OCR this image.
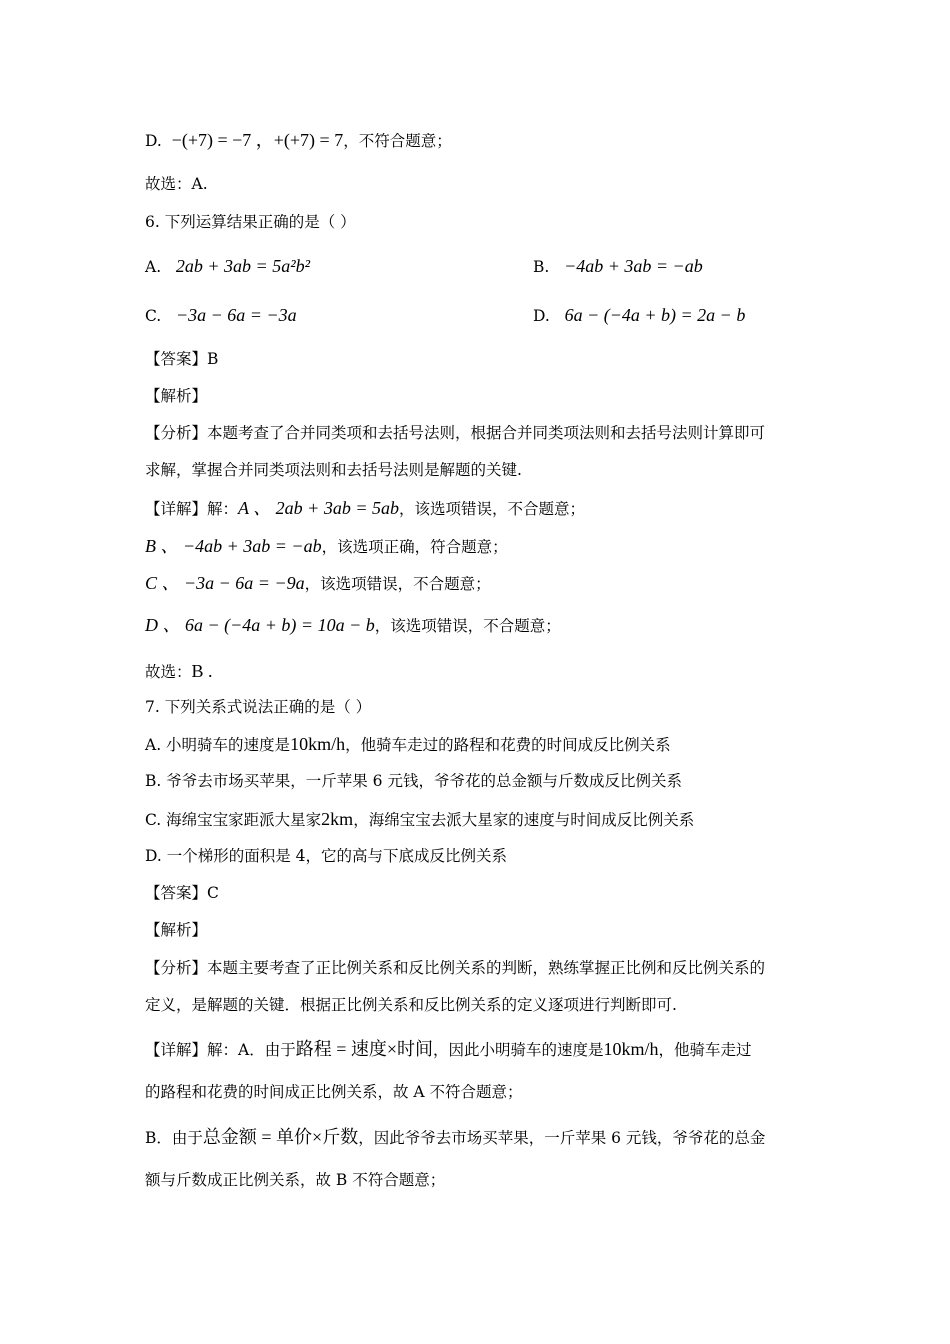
D. −(+7) = −7 ，+(+7) = 7，不符合题意；
故选：A.
6. 下列运算结果正确的是（ ）
A. 2ab + 3ab = 5a²b²	B. −4ab + 3ab = −ab
C. −3a − 6a = −3a	D. 6a − (−4a + b) = 2a − b
【答案】B
【解析】
【分析】本题考查了合并同类项和去括号法则，根据合并同类项法则和去括号法则计算即可
求解，掌握合并同类项法则和去括号法则是解题的关键.
【详解】解：A 、 2ab + 3ab = 5ab，该选项错误，不合题意；
B 、 −4ab + 3ab = −ab，该选项正确，符合题意；
C 、 −3a − 6a = −9a，该选项错误，不合题意；
D 、 6a − (−4a + b) = 10a − b，该选项错误，不合题意；
故选：B .
7. 下列关系式说法正确的是（ ）
A. 小明骑车的速度是10km/h，他骑车走过的路程和花费的时间成反比例关系
B. 爷爷去市场买苹果，一斤苹果 6 元钱，爷爷花的总金额与斤数成反比例关系
C. 海绵宝宝家距派大星家2km，海绵宝宝去派大星家的速度与时间成反比例关系
D. 一个梯形的面积是 4，它的高与下底成反比例关系
【答案】C
【解析】
【分析】本题主要考查了正比例关系和反比例关系的判断，熟练掌握正比例和反比例关系的
定义，是解题的关键．根据正比例关系和反比例关系的定义逐项进行判断即可.
【详解】解：A．由于路程 = 速度×时间，因此小明骑车的速度是10km/h，他骑车走过
的路程和花费的时间成正比例关系，故 A 不符合题意；
B．由于总金额 = 单价×斤数，因此爷爷去市场买苹果，一斤苹果 6 元钱，爷爷花的总金
额与斤数成正比例关系，故 B 不符合题意；
